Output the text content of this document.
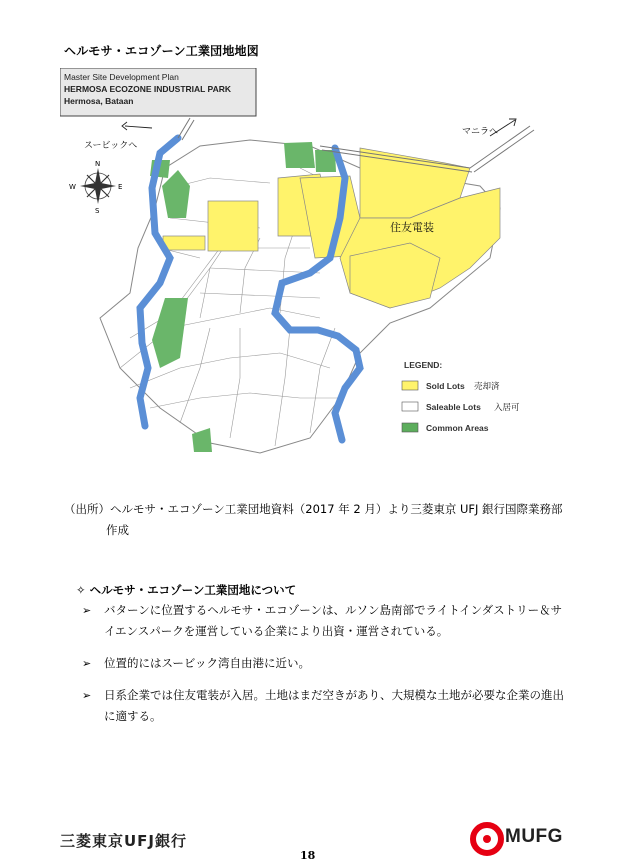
ヘルモサ・エコゾーン工業団地地図
Master Site Development Plan
HERMOSA ECOZONE INDUSTRIAL PARK
Hermosa, Bataan
スービックへ
マニラへ
N
S
E
W
住友電装
LEGEND:
Sold Lots 売却済
Saleable Lots 入居可
Common Areas
（出所）ヘルモサ・エコゾーン工業団地資料（2017 年 2 月）より三菱東京 UFJ 銀行国際業務部
作成
✧ ヘルモサ・エコゾーン工業団地について
➢ バターンに位置するヘルモサ・エコゾーンは、ルソン島南部でライトインダストリー＆サイエンスパークを運営している企業により出資・運営されている。
➢ 位置的にはスービック湾自由港に近い。
➢ 日系企業では住友電装が入居。土地はまだ空きがあり、大規模な土地が必要な企業の進出に適する。
三菱東京UFJ銀行	MUFG
18
